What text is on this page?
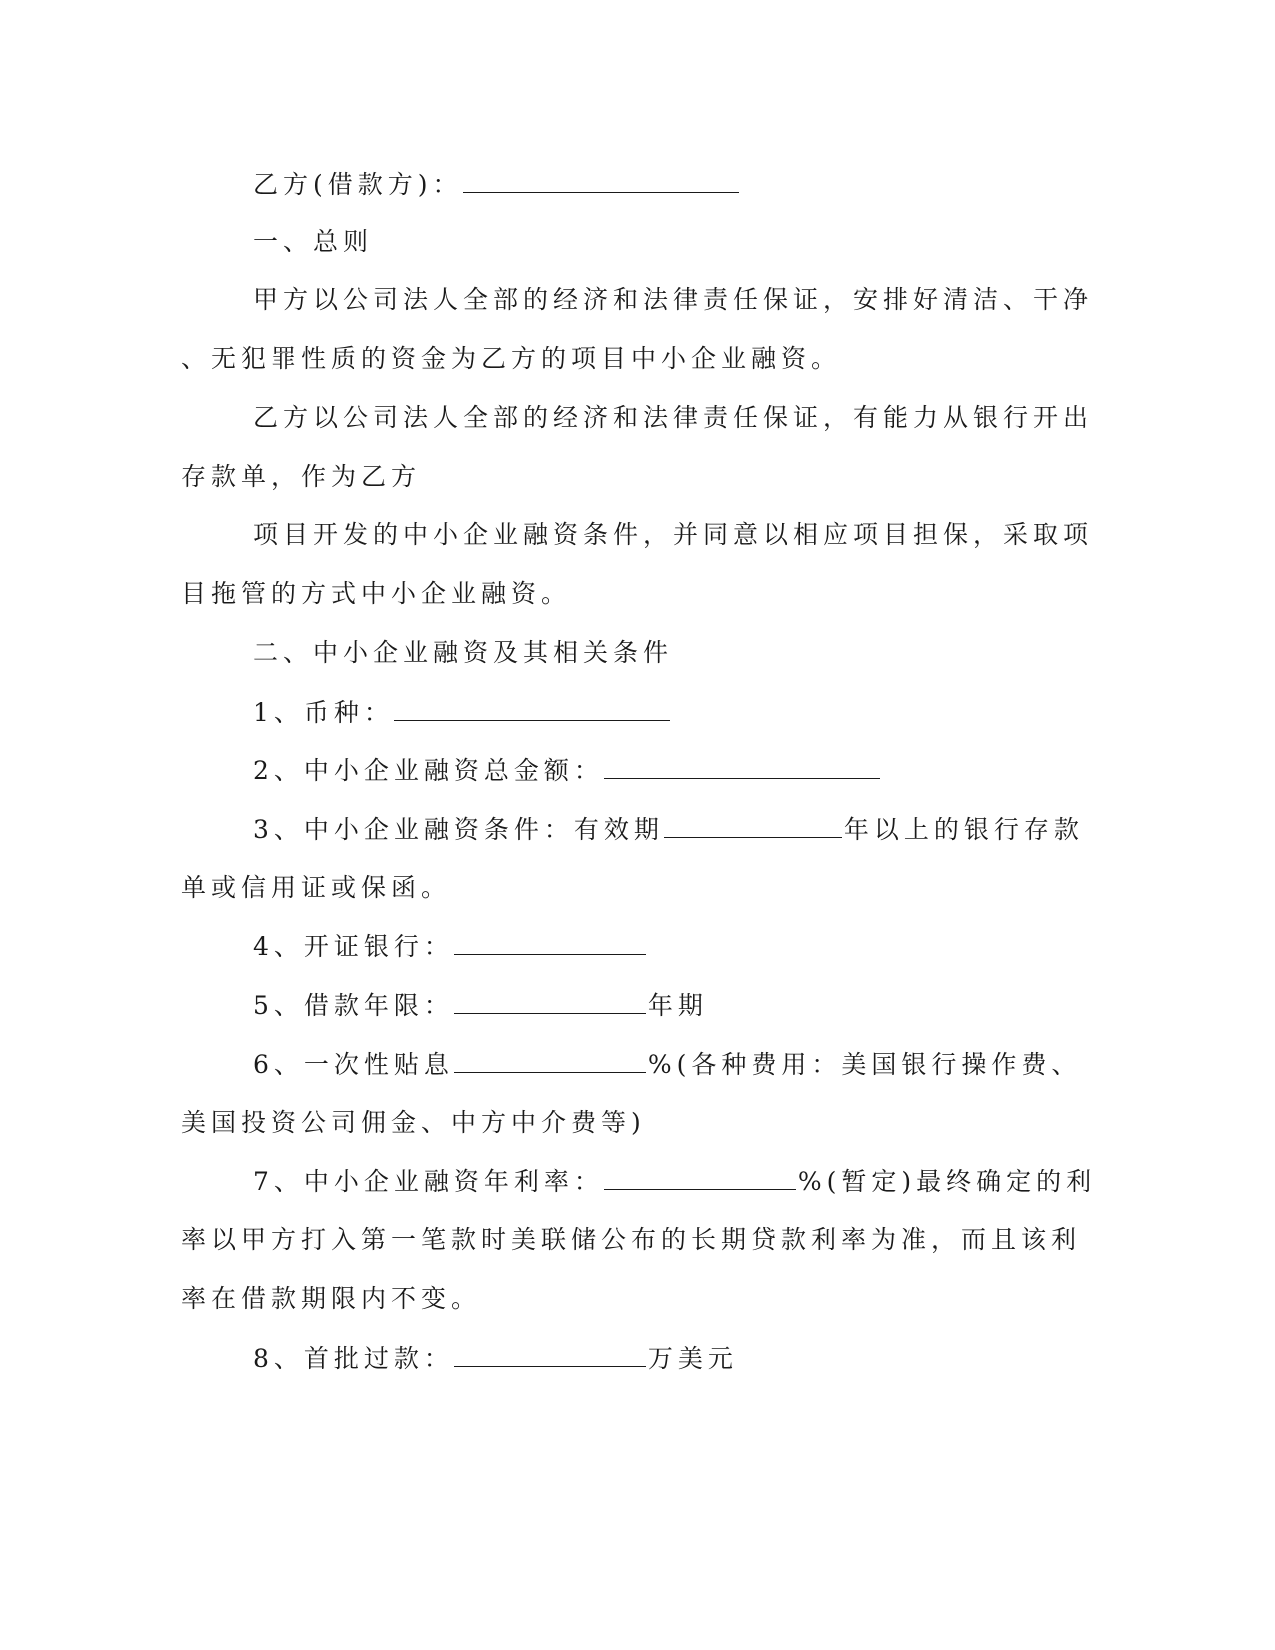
乙方(借款方)：
一、总则
甲方以公司法人全部的经济和法律责任保证，安排好清洁、干净
、无犯罪性质的资金为乙方的项目中小企业融资。
乙方以公司法人全部的经济和法律责任保证，有能力从银行开出
存款单，作为乙方
项目开发的中小企业融资条件，并同意以相应项目担保，采取项
目拖管的方式中小企业融资。
二、中小企业融资及其相关条件
1、币种：
2、中小企业融资总金额：
3、中小企业融资条件：有效期	年以上的银行存款
单或信用证或保函。
4、开证银行：
5、借款年限：	年期
6、一次性贴息	%(各种费用：美国银行操作费、
美国投资公司佣金、中方中介费等)
7、中小企业融资年利率：	%(暂定)最终确定的利
率以甲方打入第一笔款时美联储公布的长期贷款利率为准，而且该利
率在借款期限内不变。
8、首批过款：	万美元
